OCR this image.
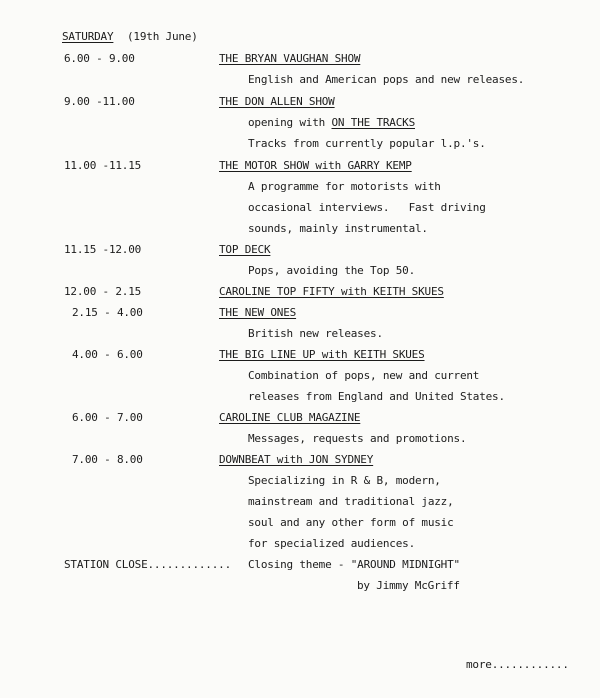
SATURDAY (19th June)
6.00 - 9.00	THE BRYAN VAUGHAN SHOW
English and American pops and new releases.
9.00 -11.00	THE DON ALLEN SHOW
opening with ON THE TRACKS
Tracks from currently popular l.p.'s.
11.00 -11.15	THE MOTOR SHOW with GARRY KEMP
A programme for motorists with
occasional interviews.   Fast driving
sounds, mainly instrumental.
11.15 -12.00	TOP DECK
Pops, avoiding the Top 50.
12.00 - 2.15	CAROLINE TOP FIFTY with KEITH SKUES
2.15 - 4.00	THE NEW ONES
British new releases.
4.00 - 6.00	THE BIG LINE UP with KEITH SKUES
Combination of pops, new and current
releases from England and United States.
6.00 - 7.00	CAROLINE CLUB MAGAZINE
Messages, requests and promotions.
7.00 - 8.00	DOWNBEAT with JON SYDNEY
Specializing in R & B, modern,
mainstream and traditional jazz,
soul and any other form of music
for specialized audiences.
STATION CLOSE............. Closing theme - "AROUND MIDNIGHT"
by Jimmy McGriff
more............
